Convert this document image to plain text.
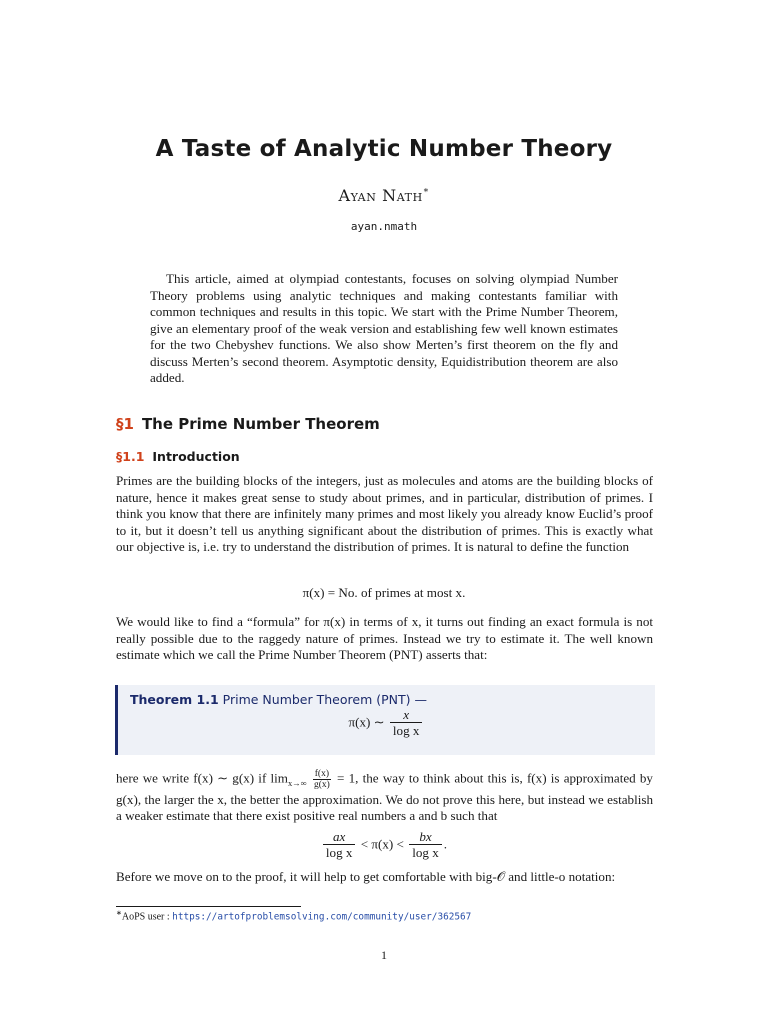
A Taste of Analytic Number Theory
Ayan Nath∗
ayan.nmath
This article, aimed at olympiad contestants, focuses on solving olympiad Number Theory problems using analytic techniques and making contestants familiar with common techniques and results in this topic. We start with the Prime Number Theorem, give an elementary proof of the weak version and establishing few well known estimates for the two Chebyshev functions. We also show Merten’s first theorem on the fly and discuss Merten’s second theorem. Asymptotic density, Equidistribution theorem are also added.
§1 The Prime Number Theorem
§1.1 Introduction
Primes are the building blocks of the integers, just as molecules and atoms are the building blocks of nature, hence it makes great sense to study about primes, and in particular, distribution of primes. I think you know that there are infinitely many primes and most likely you already know Euclid’s proof to it, but it doesn’t tell us anything significant about the distribution of primes. This is exactly what our objective is, i.e. try to understand the distribution of primes. It is natural to define the function
π(x) = No. of primes at most x.
We would like to find a “formula” for π(x) in terms of x, it turns out finding an exact formula is not really possible due to the raggedy nature of primes. Instead we try to estimate it. The well known estimate which we call the Prime Number Theorem (PNT) asserts that:
Theorem 1.1 Prime Number Theorem (PNT) —
π(x) ∼ $\frac{x}{\text{log x}}$
here we write f(x) ∼ g(x) if $\lim_{x\to\infty} \frac{f(x)}{g(x)} = 1$, the way to think about this is, f(x) is approximated by g(x), the larger the x, the better the approximation. We do not prove this here, but instead we establish a weaker estimate that there exist positive real numbers a and b such that
$\frac{ax}{\text{log x}} < \pi(x) < \frac{bx}{\text{log x}}$ .
Before we move on to the proof, it will help to get comfortable with big-𝒪 and little-o notation:
∗AoPS user : https://artofproblemsolving.com/community/user/362567
1
